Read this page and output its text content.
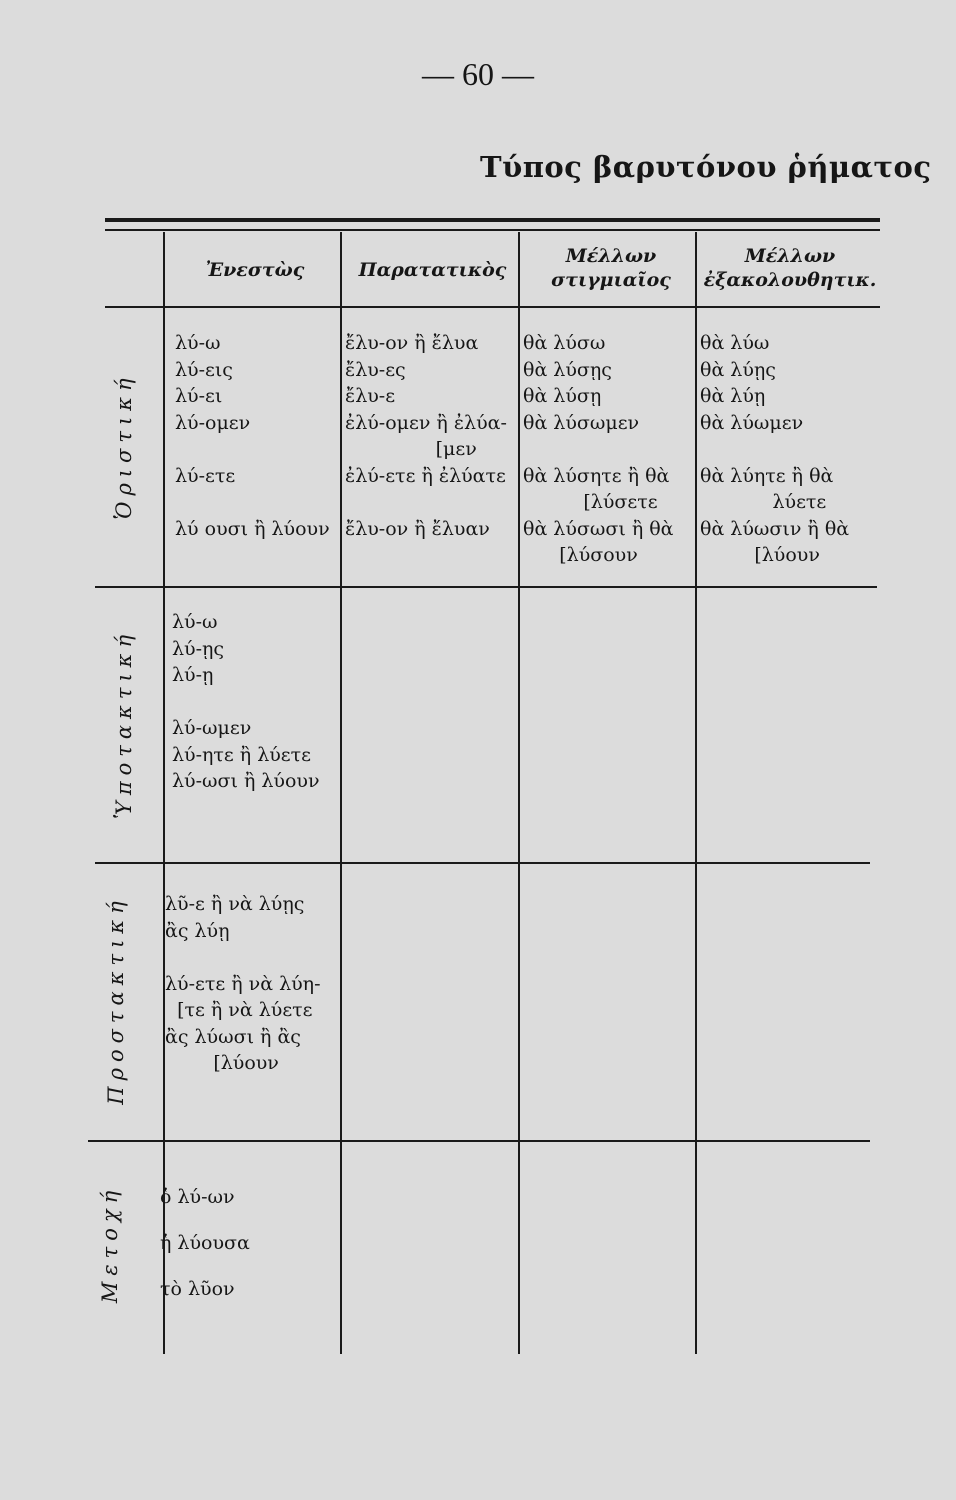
— 60 —
Τύπος βαρυτόνου ῥήματος
Ἐνεστὼς	Παρατατικὸς
Μέλλων
στιγμιαῖος
Μέλλων
ἐξακολουθητικ.
Ὁριστική
Ὑποτακτική
Προστακτική
Μετοχή
λύ-ω
λύ-εις
λύ-ει
λύ-ομεν

λύ-ετε

λύ ουσι ἢ λύουν
ἔλυ-ον ἢ ἔλυα
ἔλυ-ες
ἔλυ-ε
ἐλύ-ομεν ἢ ἐλύα-
[μεν
ἐλύ-ετε ἢ ἐλύατε

ἔλυ-ον ἢ ἔλυαν
θὰ λύσω
θὰ λύσῃς
θὰ λύσῃ
θὰ λύσωμεν

θὰ λύσητε ἢ θὰ
[λύσετε
θὰ λύσωσι ἢ θὰ
[λύσουν
θὰ λύω
θὰ λύῃς
θὰ λύῃ
θὰ λύωμεν

θὰ λύητε ἢ θὰ
λύετε
θὰ λύωσιν ἢ θὰ
[λύουν
λύ-ω
λύ-ῃς
λύ-ῃ

λύ-ωμεν
λύ-ητε ἢ λύετε
λύ-ωσι ἢ λύουν
λῦ-ε ἢ νὰ λύῃς
ἂς λύῃ

λύ-ετε ἢ νὰ λύη-
[τε ἢ νὰ λύετε
ἂς λύωσι ἢ ἂς
[λύουν
ὁ λύ-ων

ἡ λύουσα

τὸ λῦον
